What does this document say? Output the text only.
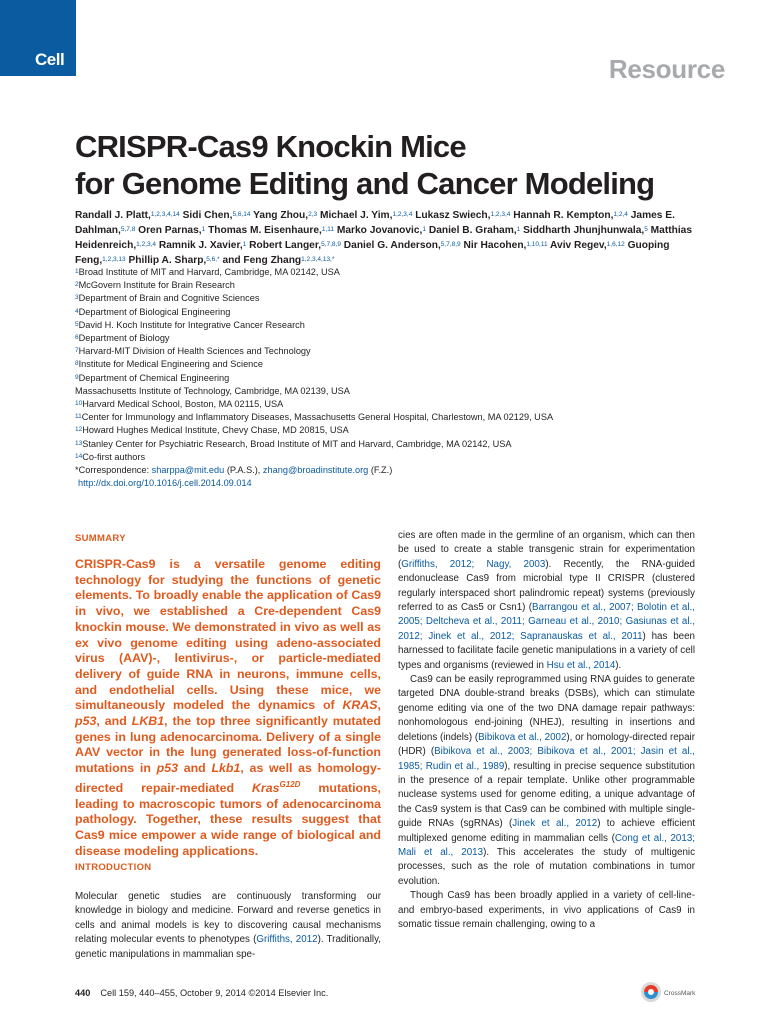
Cell	Resource
CRISPR-Cas9 Knockin Mice
for Genome Editing and Cancer Modeling
Randall J. Platt,$^{1,2,3,4,14}$ Sidi Chen,$^{5,6,14}$ Yang Zhou,$^{2,3}$ Michael J. Yim,$^{1,2,3,4}$ Lukasz Swiech,$^{1,2,3,4}$ Hannah R. Kempton,$^{1,2,4}$ James E. Dahlman,$^{5,7,8}$ Oren Parnas,$^1$ Thomas M. Eisenhaure,$^{1,11}$ Marko Jovanovic,$^1$ Daniel B. Graham,$^1$ Siddharth Jhunjhunwala,$^5$ Matthias Heidenreich,$^{1,2,3,4}$ Ramnik J. Xavier,$^1$ Robert Langer,$^{5,7,8,9}$ Daniel G. Anderson,$^{5,7,8,9}$ Nir Hacohen,$^{1,10,11}$ Aviv Regev,$^{1,6,12}$ Guoping Feng,$^{1,2,3,13}$ Phillip A. Sharp,$^{5,6,*}$ and Feng Zhang$^{1,2,3,4,13,*}$
$^1$Broad Institute of MIT and Harvard, Cambridge, MA 02142, USA
$^2$McGovern Institute for Brain Research
$^3$Department of Brain and Cognitive Sciences
$^4$Department of Biological Engineering
$^5$David H. Koch Institute for Integrative Cancer Research
$^6$Department of Biology
$^7$Harvard-MIT Division of Health Sciences and Technology
$^8$Institute for Medical Engineering and Science
$^9$Department of Chemical Engineering
Massachusetts Institute of Technology, Cambridge, MA 02139, USA
$^{10}$Harvard Medical School, Boston, MA 02115, USA
$^{11}$Center for Immunology and Inflammatory Diseases, Massachusetts General Hospital, Charlestown, MA 02129, USA
$^{12}$Howard Hughes Medical Institute, Chevy Chase, MD 20815, USA
$^{13}$Stanley Center for Psychiatric Research, Broad Institute of MIT and Harvard, Cambridge, MA 02142, USA
$^{14}$Co-first authors
*Correspondence: sharppa@mit.edu (P.A.S.), zhang@broadinstitute.org (F.Z.)
http://dx.doi.org/10.1016/j.cell.2014.09.014
SUMMARY
CRISPR-Cas9 is a versatile genome editing technology for studying the functions of genetic elements. To broadly enable the application of Cas9 in vivo, we established a Cre-dependent Cas9 knockin mouse. We demonstrated in vivo as well as ex vivo genome editing using adeno-associated virus (AAV)-, lentivirus-, or particle-mediated delivery of guide RNA in neurons, immune cells, and endothelial cells. Using these mice, we simultaneously modeled the dynamics of KRAS, p53, and LKB1, the top three significantly mutated genes in lung adenocarcinoma. Delivery of a single AAV vector in the lung generated loss-of-function mutations in p53 and Lkb1, as well as homology-directed repair-mediated Kras$^{G12D}$ mutations, leading to macroscopic tumors of adenocarcinoma pathology. Together, these results suggest that Cas9 mice empower a wide range of biological and disease modeling applications.
INTRODUCTION
Molecular genetic studies are continuously transforming our knowledge in biology and medicine. Forward and reverse genetics in cells and animal models is key to discovering causal mechanisms relating molecular events to phenotypes (Griffiths, 2012). Traditionally, genetic manipulations in mammalian spe-

cies are often made in the germline of an organism, which can then be used to create a stable transgenic strain for experimentation (Griffiths, 2012; Nagy, 2003). Recently, the RNA-guided endonuclease Cas9 from microbial type II CRISPR (clustered regularly interspaced short palindromic repeat) systems (previously referred to as Cas5 or Csn1) (Barrangou et al., 2007; Bolotin et al., 2005; Deltcheva et al., 2011; Garneau et al., 2010; Gasiunas et al., 2012; Jinek et al., 2012; Sapranauskas et al., 2011) has been harnessed to facilitate facile genetic manipulations in a variety of cell types and organisms (reviewed in Hsu et al., 2014).

Cas9 can be easily reprogrammed using RNA guides to generate targeted DNA double-strand breaks (DSBs), which can stimulate genome editing via one of the two DNA damage repair pathways: nonhomologous end-joining (NHEJ), resulting in insertions and deletions (indels) (Bibikova et al., 2002), or homology-directed repair (HDR) (Bibikova et al., 2003; Bibikova et al., 2001; Jasin et al., 1985; Rudin et al., 1989), resulting in precise sequence substitution in the presence of a repair template. Unlike other programmable nuclease systems used for genome editing, a unique advantage of the Cas9 system is that Cas9 can be combined with multiple single-guide RNAs (sgRNAs) (Jinek et al., 2012) to achieve efficient multiplexed genome editing in mammalian cells (Cong et al., 2013; Mali et al., 2013). This accelerates the study of multigenic processes, such as the role of mutation combinations in tumor evolution.

Though Cas9 has been broadly applied in a variety of cell-line- and embryo-based experiments, in vivo applications of Cas9 in somatic tissue remain challenging, owing to a

440 Cell 159, 440–455, October 9, 2014 ©2014 Elsevier Inc.	CrossMark
